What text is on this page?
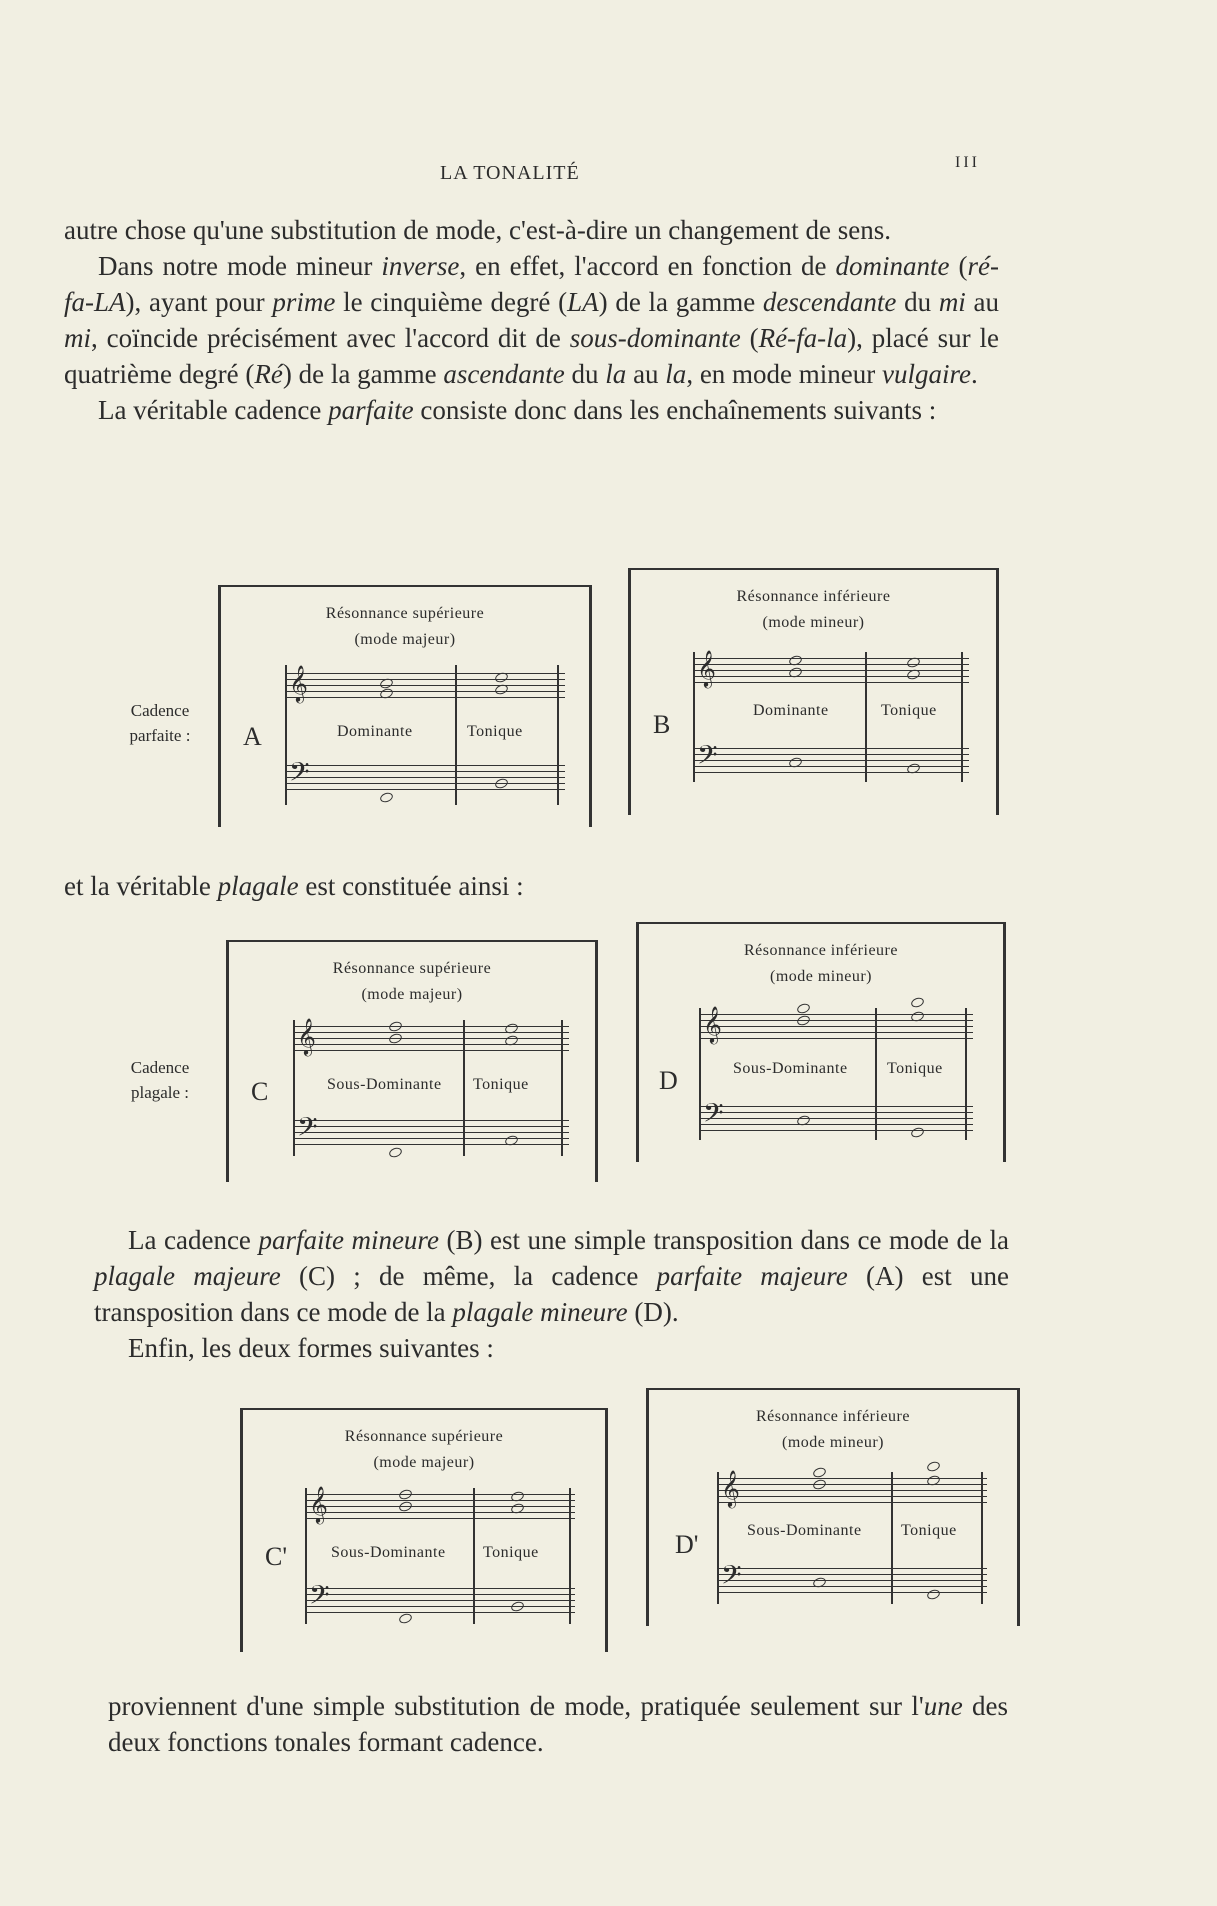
LA TONALITÉ	III

autre chose qu'une substitution de mode, c'est-à-dire un changement de sens.

Dans notre mode mineur inverse, en effet, l'accord en fonction de dominante (ré-fa-LA), ayant pour prime le cinquième degré (LA) de la gamme descendante du mi au mi, coïncide précisément avec l'accord dit de sous-dominante (Ré-fa-la), placé sur le quatrième degré (Ré) de la gamme ascendante du la au la, en mode mineur vulgaire.

La véritable cadence parfaite consiste donc dans les enchaînements suivants :

Cadence
parfaite :
Résonnance supérieure
(mode majeur)
A
𝄞
𝄢
Dominante	Tonique
Résonnance inférieure
(mode mineur)
B
𝄞
𝄢
Dominante	Tonique

et la véritable plagale est constituée ainsi :

Cadence
plagale :
Résonnance supérieure
(mode majeur)
C
𝄞
𝄢
Sous-Dominante Tonique
Résonnance inférieure
(mode mineur)
D
𝄞
𝄢
Sous-Dominante Tonique

La cadence parfaite mineure (B) est une simple transposition dans ce mode de la plagale majeure (C) ; de même, la cadence parfaite majeure (A) est une transposition dans ce mode de la plagale mineure (D).

Enfin, les deux formes suivantes :

Résonnance supérieure
(mode majeur)
C'
𝄞
𝄢
Sous-Dominante Tonique
Résonnance inférieure
(mode mineur)
D'
𝄞
𝄢
Sous-Dominante Tonique

proviennent d'une simple substitution de mode, pratiquée seulement sur l'une des deux fonctions tonales formant cadence.
